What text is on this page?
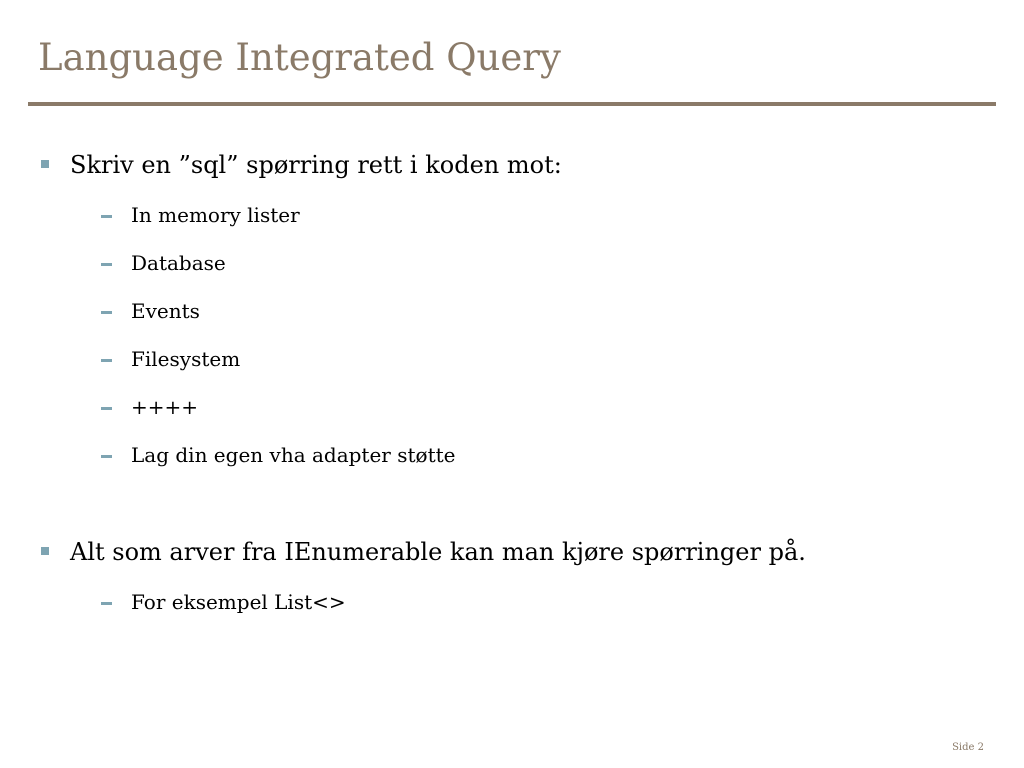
Language Integrated Query
Skriv en ”sql” spørring rett i koden mot:
In memory lister
Database
Events
Filesystem
++++
Lag din egen vha adapter støtte
Alt som arver fra IEnumerable kan man kjøre spørringer på.
For eksempel List<>
Side 2
